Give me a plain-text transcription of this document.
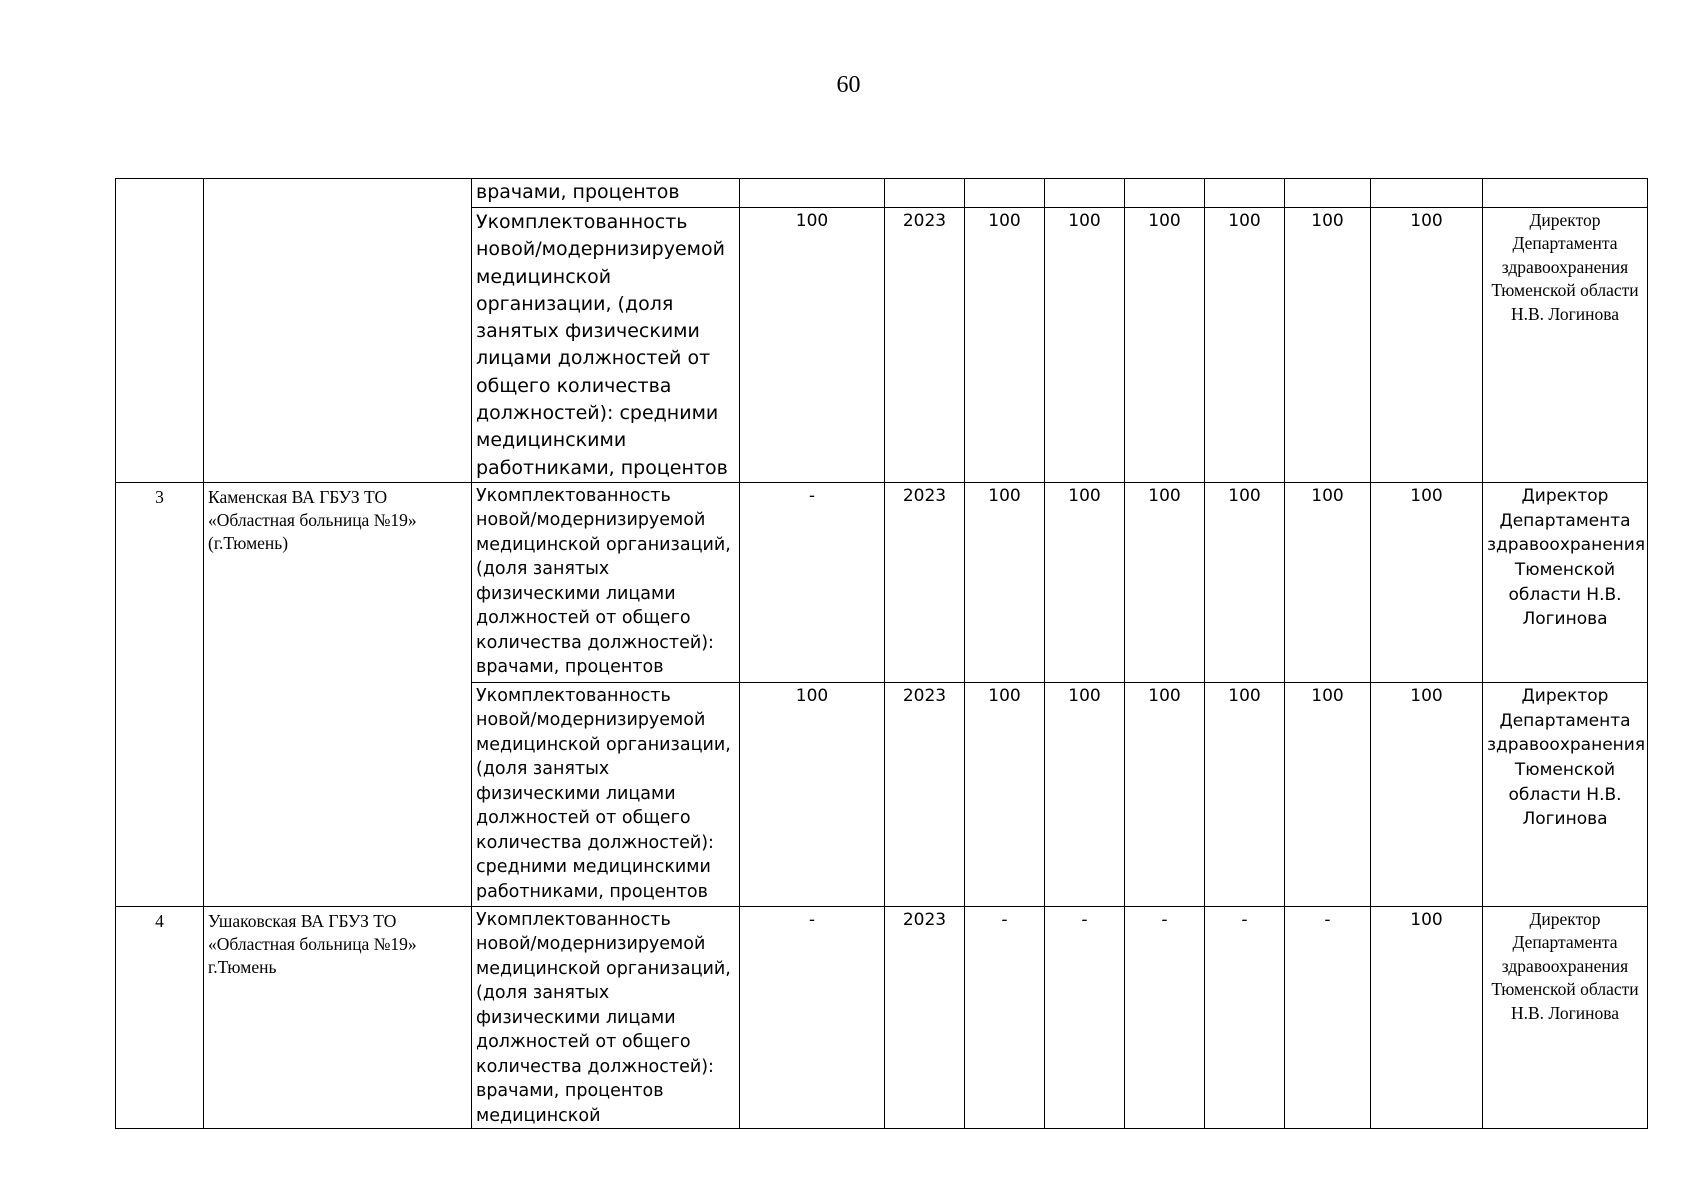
60
		врачами, процентов									
		Укомплектованность новой/модернизируемой медицинской организации, (доля занятых физическими лицами должностей от общего количества должностей): средними медицинскими работниками, процентов	100	2023	100	100	100	100	100	100	Директор Департамента здравоохранения Тюменской области Н.В. Логинова
3	Каменская ВА ГБУЗ ТО «Областная больница №19» (г.Тюмень)	Укомплектованность новой/модернизируемой медицинской организаций, (доля занятых физическими лицами должностей от общего количества должностей): врачами, процентов	-	2023	100	100	100	100	100	100	Директор Департамента здравоохранения Тюменской области Н.В. Логинова
		Укомплектованность новой/модернизируемой медицинской организации, (доля занятых физическими лицами должностей от общего количества должностей): средними медицинскими работниками, процентов	100	2023	100	100	100	100	100	100	Директор Департамента здравоохранения Тюменской области Н.В. Логинова
4	Ушаковская ВА ГБУЗ ТО «Областная больница №19» г.Тюмень	Укомплектованность новой/модернизируемой медицинской организаций, (доля занятых физическими лицами должностей от общего количества должностей): врачами, процентов медицинской	-	2023	-	-	-	-	-	100	Директор Департамента здравоохранения Тюменской области Н.В. Логинова
